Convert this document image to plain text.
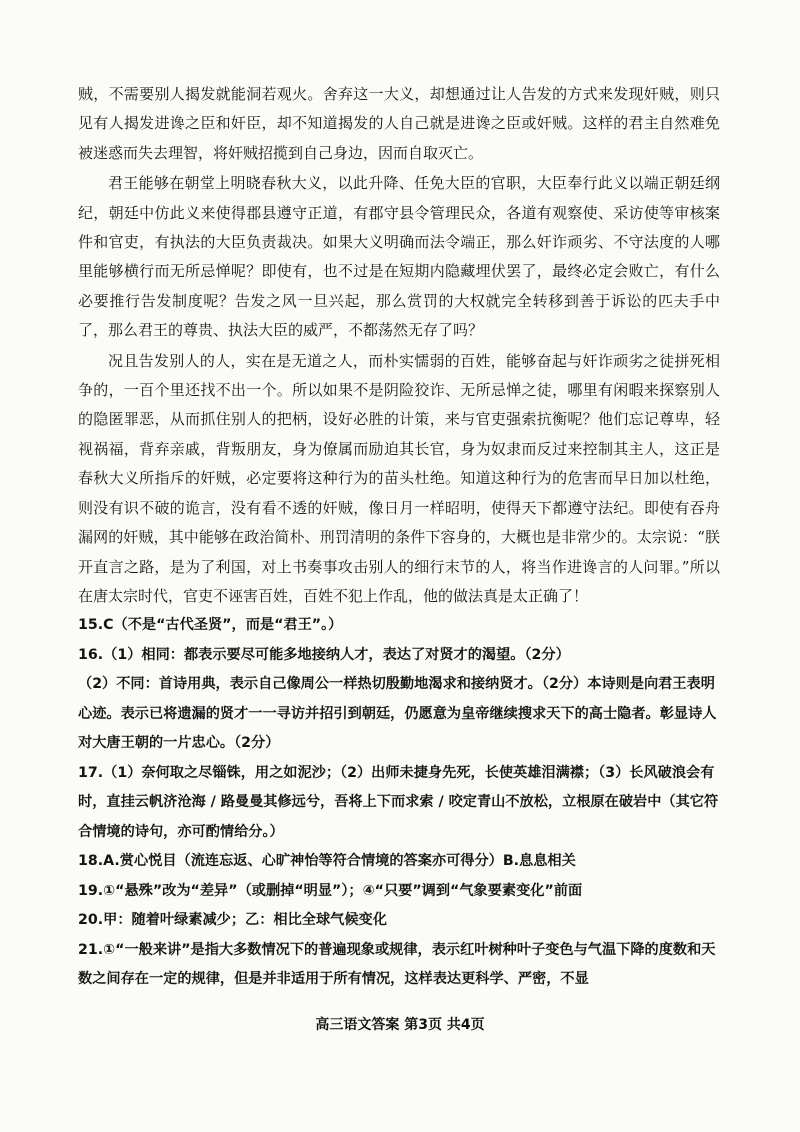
贼，不需要别人揭发就能洞若观火。舍弃这一大义，却想通过让人告发的方式来发现奸贼，则只见有人揭发进谗之臣和奸臣，却不知道揭发的人自己就是进谗之臣或奸贼。这样的君主自然难免被迷惑而失去理智，将奸贼招揽到自己身边，因而自取灭亡。

君王能够在朝堂上明晓春秋大义，以此升降、任免大臣的官职，大臣奉行此义以端正朝廷纲纪，朝廷中仿此义来使得郡县遵守正道，有郡守县令管理民众，各道有观察使、采访使等审核案件和官吏，有执法的大臣负责裁决。如果大义明确而法令端正，那么奸诈顽劣、不守法度的人哪里能够横行而无所忌惮呢？即使有，也不过是在短期内隐藏埋伏罢了，最终必定会败亡，有什么必要推行告发制度呢？告发之风一旦兴起，那么赏罚的大权就完全转移到善于诉讼的匹夫手中了，那么君王的尊贵、执法大臣的威严，不都荡然无存了吗？

况且告发别人的人，实在是无道之人，而朴实懦弱的百姓，能够奋起与奸诈顽劣之徒拼死相争的，一百个里还找不出一个。所以如果不是阴险狡诈、无所忌惮之徒，哪里有闲暇来探察别人的隐匿罪恶，从而抓住别人的把柄，设好必胜的计策，来与官吏强索抗衡呢？他们忘记尊卑，轻视祸福，背弃亲戚，背叛朋友，身为僚属而励迫其长官，身为奴隶而反过来控制其主人，这正是春秋大义所指斥的奸贼，必定要将这种行为的苗头杜绝。知道这种行为的危害而早日加以杜绝，则没有识不破的诡言，没有看不透的奸贼，像日月一样昭明，使得天下都遵守法纪。即使有吞舟漏网的奸贼，其中能够在政治简朴、刑罚清明的条件下容身的，大概也是非常少的。太宗说：“朕开直言之路，是为了利国，对上书奏事攻击别人的细行末节的人，将当作进谗言的人问罪。”所以在唐太宗时代，官吏不诬害百姓，百姓不犯上作乱，他的做法真是太正确了！

15.C（不是“古代圣贤”，而是“君王”。）

16.（1）相同：都表示要尽可能多地接纳人才，表达了对贤才的渴望。（2分）

（2）不同：首诗用典，表示自己像周公一样热切殷勤地渴求和接纳贤才。（2分）本诗则是向君王表明心迹。表示已将遗漏的贤才一一寻访并招引到朝廷，仍愿意为皇帝继续搜求天下的高士隐者。彰显诗人对大唐王朝的一片忠心。（2分）

17.（1）奈何取之尽锱铢，用之如泥沙；（2）出师未捷身先死，长使英雄泪满襟；（3）长风破浪会有时，直挂云帆济沧海 / 路曼曼其修远兮，吾将上下而求索 / 咬定青山不放松，立根原在破岩中（其它符合情境的诗句，亦可酌情给分。）

18.A.赏心悦目（流连忘返、心旷神怡等符合情境的答案亦可得分）B.息息相关

19.①“悬殊”改为“差异”（或删掉“明显”）；④“只要”调到“气象要素变化”前面

20.甲：随着叶绿素减少；乙：相比全球气候变化

21.①“一般来讲”是指大多数情况下的普遍现象或规律，表示红叶树种叶子变色与气温下降的度数和天数之间存在一定的规律，但是并非适用于所有情况，这样表达更科学、严密，不显

高三语文答案 第3页 共4页
